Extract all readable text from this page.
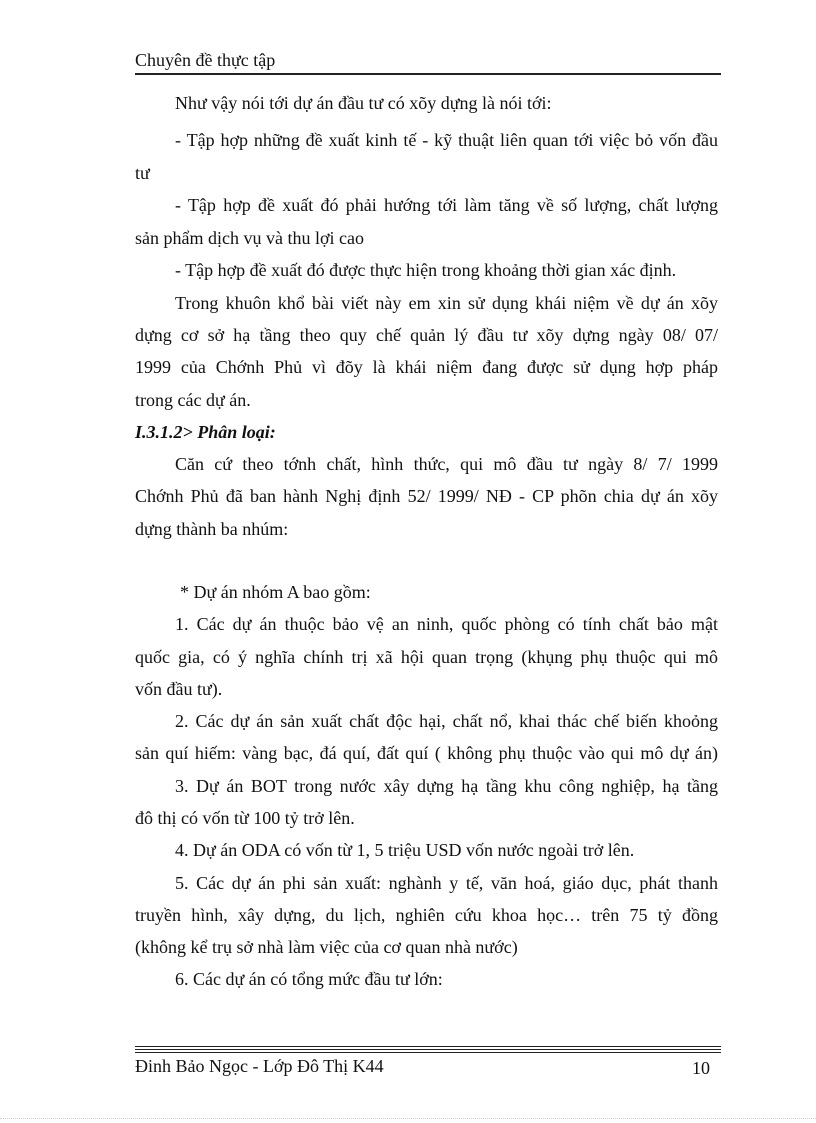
Chuyên đề thực tập
Như vậy nói tới dự án đầu tư có xõy dựng là nói tới:
- Tập hợp những đề xuất kinh tế - kỹ thuật liên quan tới việc bỏ vốn đầu
tư
- Tập hợp đề xuất đó phải hướng tới làm tăng về số lượng, chất lượng
sản phẩm dịch vụ và thu lợi cao
- Tập hợp đề xuất đó được thực hiện trong khoảng thời gian xác định.
Trong khuôn khổ bài viết này em xin sử dụng khái niệm về dự án xõy
dựng cơ sở hạ tầng theo quy chế quản lý đầu tư xõy dựng ngày 08/ 07/
1999 của Chớnh Phủ vì đõy là khái niệm đang được sử dụng hợp pháp
trong các dự án.
I.3.1.2> Phân loại:
Căn cứ theo tớnh chất, hình thức, qui mô đầu tư ngày 8/ 7/ 1999
Chớnh Phủ đã ban hành Nghị định 52/ 1999/ NĐ - CP phõn chia dự án xõy
dựng thành ba nhúm:
* Dự án nhóm A bao gồm:
1. Các dự án thuộc bảo vệ an ninh, quốc phòng có tính chất bảo mật
quốc gia, có ý nghĩa chính trị xã hội quan trọng (khụng phụ thuộc qui mô
vốn đầu tư).
2. Các dự án sản xuất chất độc hại, chất nổ, khai thác chế biến khoỏng
sản quí hiếm: vàng bạc, đá quí, đất quí ( không phụ thuộc vào qui mô dự án)
3. Dự án BOT trong nước xây dựng hạ tầng khu công nghiệp, hạ tầng
đô thị có vốn từ 100 tỷ trở lên.
4. Dự án ODA có vốn từ 1, 5 triệu USD vốn nước ngoài trở lên.
5. Các dự án phi sản xuất: nghành y tế, văn hoá, giáo dục, phát thanh
truyền hình, xây dựng, du lịch, nghiên cứu khoa học… trên 75 tỷ đồng
(không kể trụ sở nhà làm việc của cơ quan nhà nước)
6. Các dự án có tổng mức đầu tư lớn:
Đinh Bảo Ngọc - Lớp Đô Thị K44	10
